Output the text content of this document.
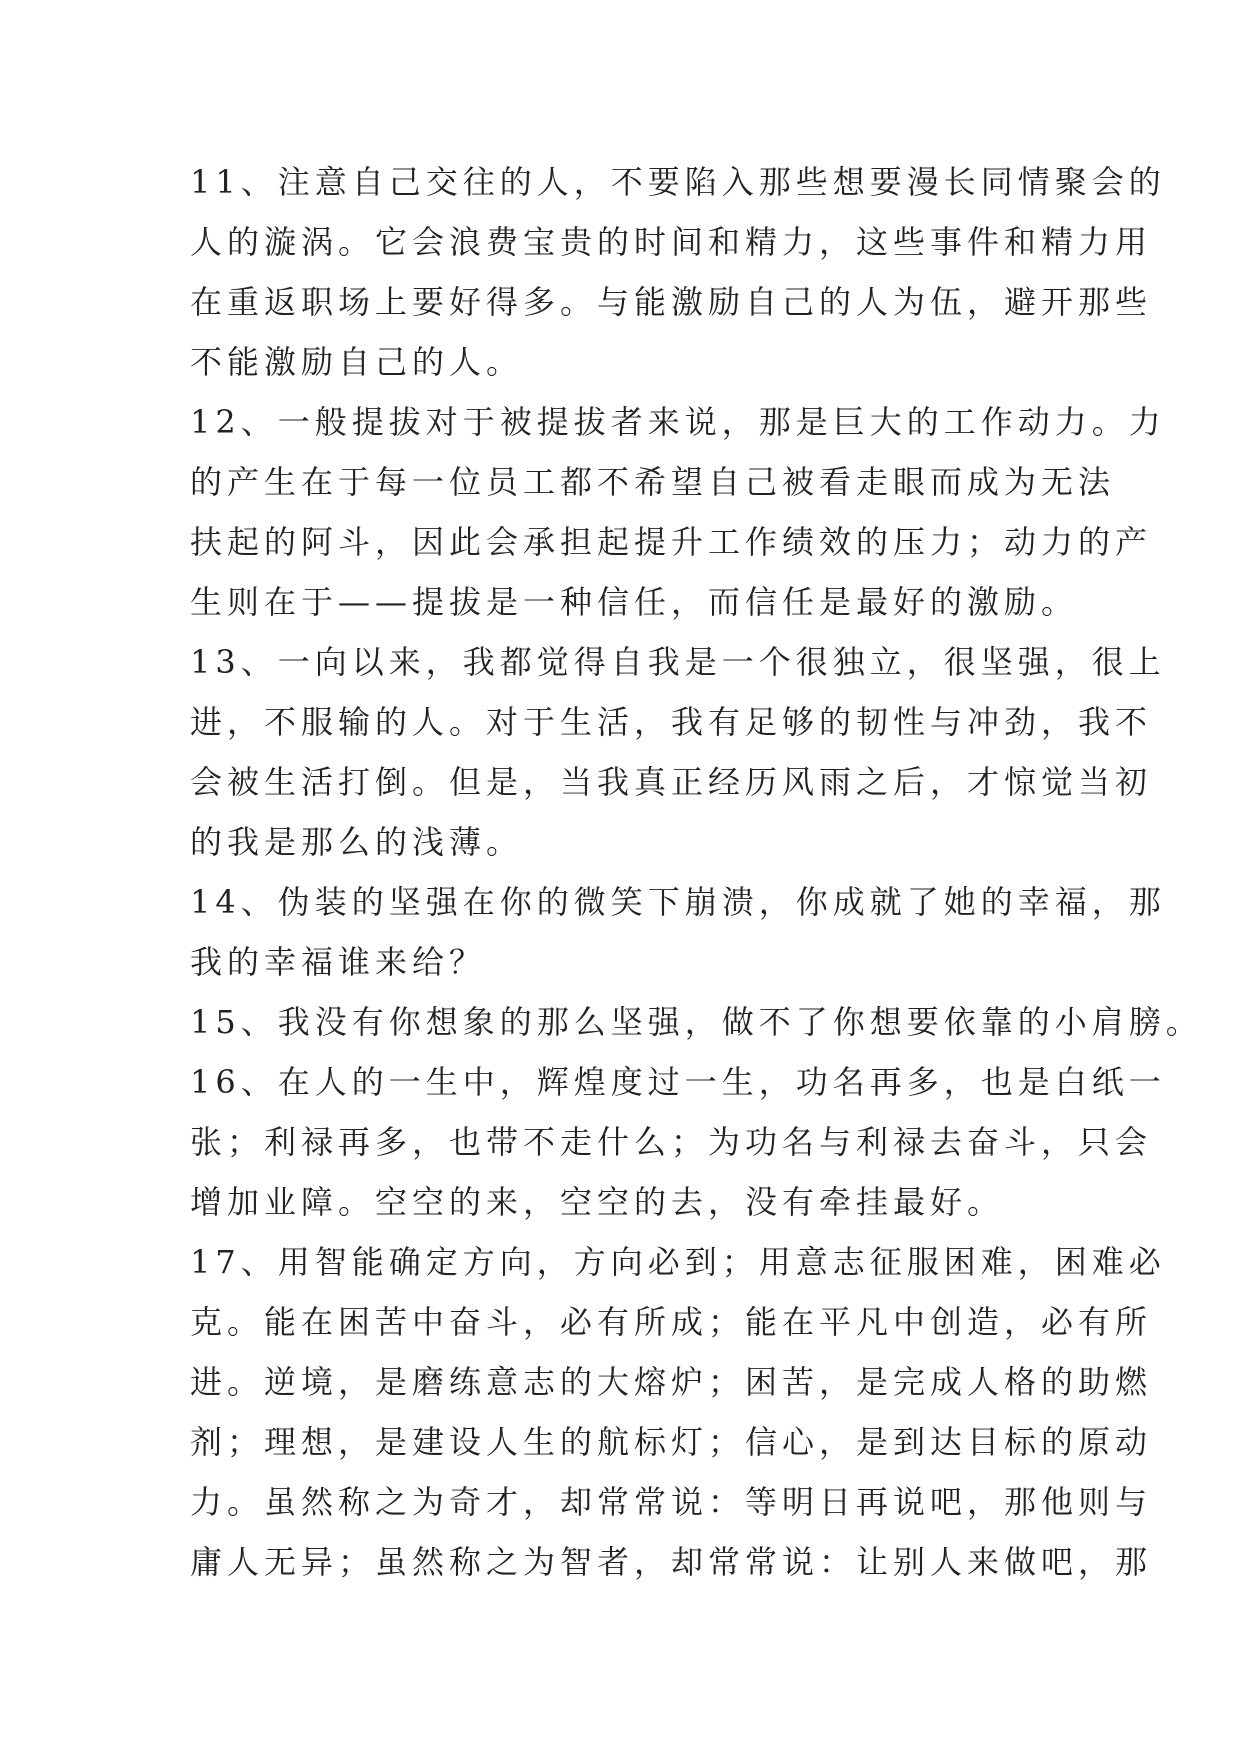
11、注意自己交往的人，不要陷入那些想要漫长同情聚会的
人的漩涡。它会浪费宝贵的时间和精力，这些事件和精力用
在重返职场上要好得多。与能激励自己的人为伍，避开那些
不能激励自己的人。

12、一般提拔对于被提拔者来说，那是巨大的工作动力。力
的产生在于每一位员工都不希望自己被看走眼而成为无法
扶起的阿斗，因此会承担起提升工作绩效的压力；动力的产
生则在于——提拔是一种信任，而信任是最好的激励。

13、一向以来，我都觉得自我是一个很独立，很坚强，很上
进，不服输的人。对于生活，我有足够的韧性与冲劲，我不
会被生活打倒。但是，当我真正经历风雨之后，才惊觉当初
的我是那么的浅薄。

14、伪装的坚强在你的微笑下崩溃，你成就了她的幸福，那
我的幸福谁来给？

15、我没有你想象的那么坚强，做不了你想要依靠的小肩膀。

16、在人的一生中，辉煌度过一生，功名再多，也是白纸一
张；利禄再多，也带不走什么；为功名与利禄去奋斗，只会
增加业障。空空的来，空空的去，没有牵挂最好。

17、用智能确定方向，方向必到；用意志征服困难，困难必
克。能在困苦中奋斗，必有所成；能在平凡中创造，必有所
进。逆境，是磨练意志的大熔炉；困苦，是完成人格的助燃
剂；理想，是建设人生的航标灯；信心，是到达目标的原动
力。虽然称之为奇才，却常常说：等明日再说吧，那他则与
庸人无异；虽然称之为智者，却常常说：让别人来做吧，那
